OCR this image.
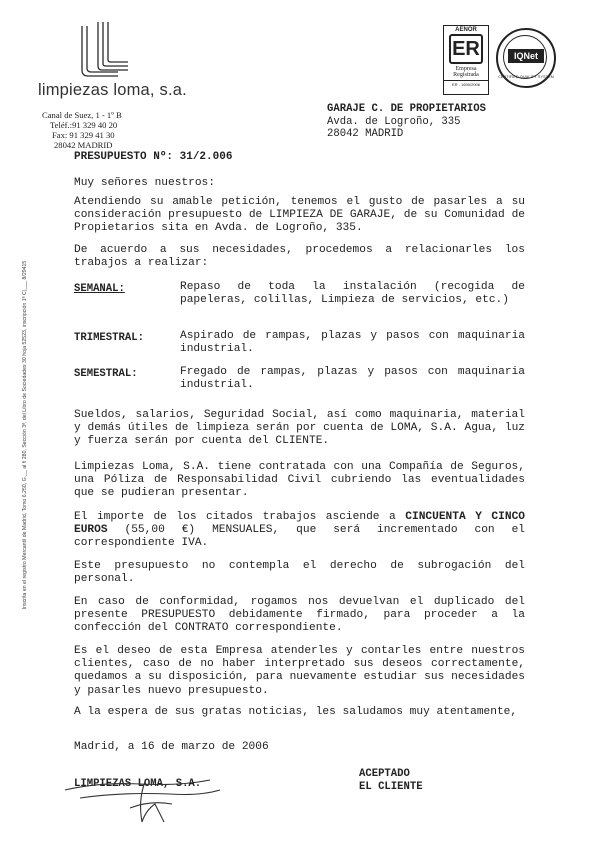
limpiezas loma, s.a.
AENOR
ER
Empresa
Registrada
ER - 1630/2006
IQNet
CERTIFIED QUALITY SYSTEM
Inscrita en el registro Mercantil de Madrid, Tomo 6.250, G.__ al fi 280, Sección 3ª, del Libro de Sociedades 30 hoja 52523, inscripción 1ª C)___ 8/29415
Canal de Suez, 1 - 1º B
Teléf.:91 329 40 20
Fax: 91 329 41 30
28042 MADRID
GARAJE C. DE PROPIETARIOS
Avda. de Logroño, 335
28042 MADRID
PRESUPUESTO Nº: 31/2.006
Muy señores nuestros:
Atendiendo su amable petición, tenemos el gusto de pasarles a su consideración presupuesto de LIMPIEZA DE GARAJE, de su Comunidad de Propietarios sita en Avda. de Logroño, 335.
De acuerdo a sus necesidades, procedemos a relacionarles los trabajos a realizar:
SEMANAL:	Repaso de toda la instalación (recogida de papeleras, colillas, Limpieza de servicios, etc.)
TRIMESTRAL:	Aspirado de rampas, plazas y pasos con maquinaria industrial.
SEMESTRAL:	Fregado de rampas, plazas y pasos con maquinaria industrial.
Sueldos, salarios, Seguridad Social, así como maquinaria, material y demás útiles de limpieza serán por cuenta de LOMA, S.A. Agua, luz y fuerza serán por cuenta del CLIENTE.
Limpiezas Loma, S.A. tiene contratada con una Compañía de Seguros, una Póliza de Responsabilidad Civil cubriendo las eventualidades que se pudieran presentar.
El importe de los citados trabajos asciende a CINCUENTA Y CINCO EUROS (55,00 €) MENSUALES, que será incrementado con el correspondiente IVA.
Este presupuesto no contempla el derecho de subrogación del personal.
En caso de conformidad, rogamos nos devuelvan el duplicado del presente PRESUPUESTO debidamente firmado, para proceder a la confección del CONTRATO correspondiente.
Es el deseo de esta Empresa atenderles y contarles entre nuestros clientes, caso de no haber interpretado sus deseos correctamente, quedamos a su disposición, para nuevamente estudiar sus necesidades y pasarles nuevo presupuesto.
A la espera de sus gratas noticias, les saludamos muy atentamente,
Madrid, a 16 de marzo de 2006
LIMPIEZAS LOMA, S.A.
ACEPTADO
EL CLIENTE
